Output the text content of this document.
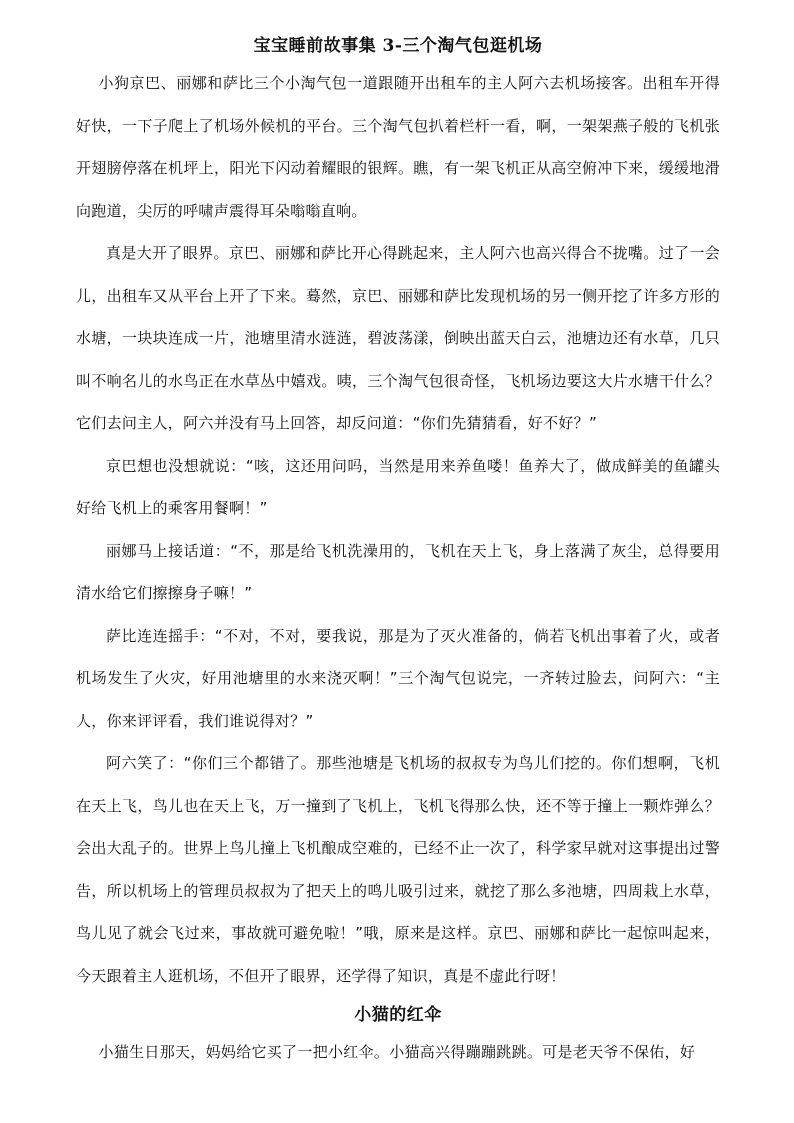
宝宝睡前故事集 3-三个淘气包逛机场

小狗京巴、丽娜和萨比三个小淘气包一道跟随开出租车的主人阿六去机场接客。出租车开得好快，一下子爬上了机场外候机的平台。三个淘气包扒着栏杆一看，啊，一架架燕子般的飞机张开翅膀停落在机坪上，阳光下闪动着耀眼的银辉。瞧，有一架飞机正从高空俯冲下来，缓缓地滑向跑道，尖厉的呼啸声震得耳朵嗡嗡直响。

真是大开了眼界。京巴、丽娜和萨比开心得跳起来，主人阿六也高兴得合不拢嘴。过了一会儿，出租车又从平台上开了下来。蓦然，京巴、丽娜和萨比发现机场的另一侧开挖了许多方形的水塘，一块块连成一片，池塘里清水涟涟，碧波荡漾，倒映出蓝天白云，池塘边还有水草，几只叫不响名儿的水鸟正在水草丛中嬉戏。咦，三个淘气包很奇怪，飞机场边要这大片水塘干什么？它们去问主人，阿六并没有马上回答，却反问道：“你们先猜猜看，好不好？”

京巴想也没想就说：“咳，这还用问吗，当然是用来养鱼喽！鱼养大了，做成鲜美的鱼罐头好给飞机上的乘客用餐啊！”

丽娜马上接话道：“不，那是给飞机洗澡用的，飞机在天上飞，身上落满了灰尘，总得要用清水给它们擦擦身子嘛！”

萨比连连摇手：“不对，不对，要我说，那是为了灭火准备的，倘若飞机出事着了火，或者机场发生了火灾，好用池塘里的水来浇灭啊！”三个淘气包说完，一齐转过脸去，问阿六：“主人，你来评评看，我们谁说得对？”

阿六笑了：“你们三个都错了。那些池塘是飞机场的叔叔专为鸟儿们挖的。你们想啊，飞机在天上飞，鸟儿也在天上飞，万一撞到了飞机上，飞机飞得那么快，还不等于撞上一颗炸弹么？会出大乱子的。世界上鸟儿撞上飞机酿成空难的，已经不止一次了，科学家早就对这事提出过警告，所以机场上的管理员叔叔为了把天上的鸣儿吸引过来，就挖了那么多池塘，四周栽上水草，鸟儿见了就会飞过来，事故就可避免啦！”哦，原来是这样。京巴、丽娜和萨比一起惊叫起来，今天跟着主人逛机场，不但开了眼界，还学得了知识，真是不虚此行呀！

小猫的红伞

小猫生日那天，妈妈给它买了一把小红伞。小猫高兴得蹦蹦跳跳。可是老天爷不保佑，好
